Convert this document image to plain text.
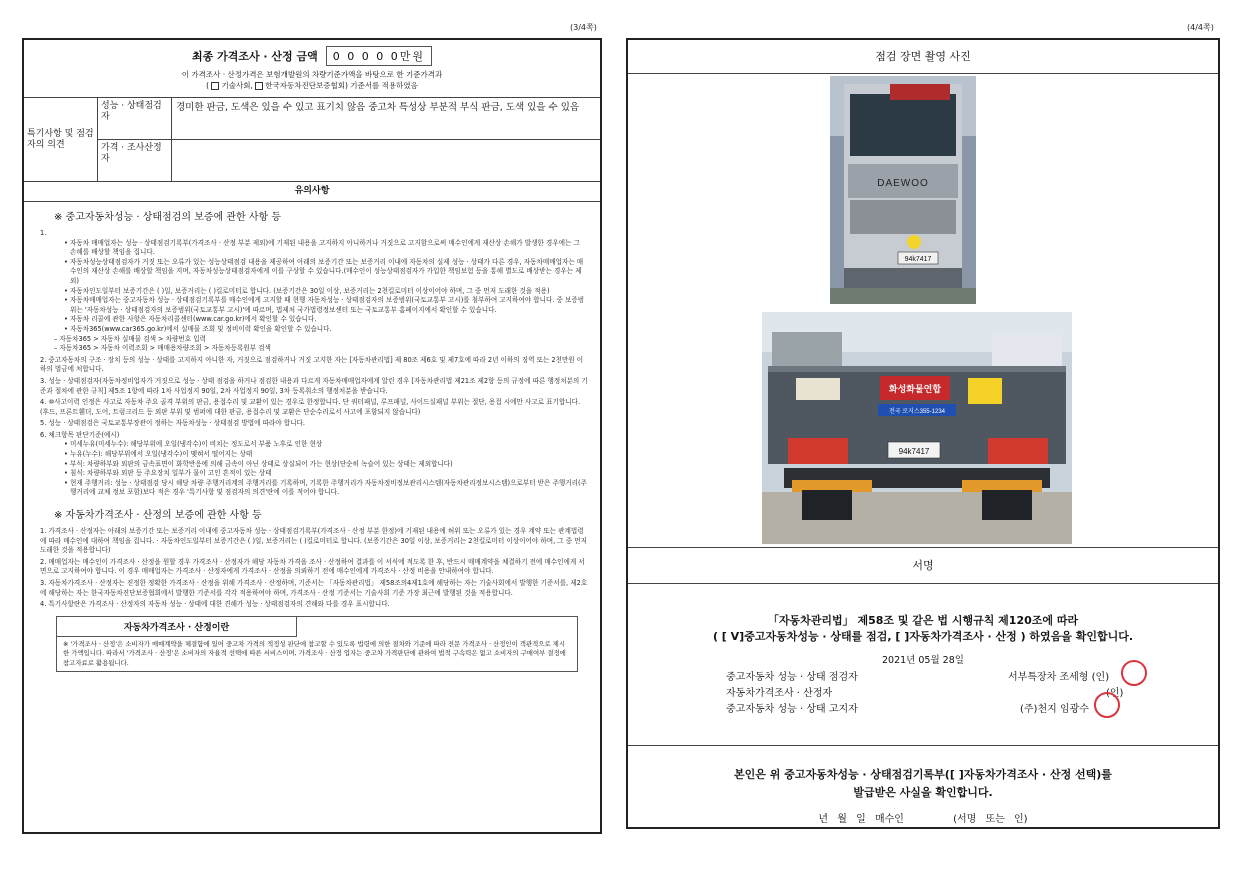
(3/4쪽)	(4/4쪽)
최종 가격조사 · 산정 금액	0 0 0 0 0만원
이 가격조사 · 산정가격은 보험개발원의 차량기준가액을 바탕으로 한 기준가격과
( 기술사회, 한국자동차진단보증협회) 기준서를 적용하였음
특기사항 및 점검자의 의견
성능 · 상태점검자
경미한 판금, 도색은 있을 수 있고 표기치 않음 중고차 특성상 부분적 부식 판금, 도색 있을 수 있음
가격 · 조사산정자
유의사항
※ 중고자동차성능 · 상태점검의 보증에 관한 사항 등
1.
• 자동차 매매업자는 성능 · 상태점검기록부(가격조사 · 산정 부분 제외)에 기재된 내용을 고지하지 아니하거나 거짓으로 고지함으로써 매수인에게 재산상 손해가 발생한 경우에는 그 손해를 배상할 책임을 집니다.
• 자동차성능상태점검자가 거짓 또는 오류가 있는 성능상태점검 내용을 제공하여 아래의 보증기간 또는 보증거리 이내에 자동차의 실제 성능 · 상태가 다른 경우, 자동차매매업자는 매수인의 재산상 손해를 배상할 책임을 지며, 자동차성능상태점검자에게 이를 구상할 수 있습니다.(매수인이 성능상태점검자가 가입한 책임보험 등을 통해 별도로 배상받는 경우는 제외)
• 자동차인도일부터 보증기간은 ( )일, 보증거리는 ( )킬로미터로 합니다. (보증기간은 30일 이상, 보증거리는 2천킬로미터 이상이어야 하며, 그 중 먼저 도래한 것을 적용)
• 자동차매매업자는 중고자동차 성능 · 상태점검기록부를 매수인에게 고지할 때 현행 자동차성능 · 상태점검자의 보증범위(국토교통부 고시)를 첨부하여 고지하여야 합니다. 중 보증범위는 '자동차성능 · 상태점검자의 보증범위(국토교통부 고시)'에 따르며, 법제처 국가법령정보센터 또는 국토교통부 홈페이지에서 확인할 수 있습니다.
• 자동차 리콜에 관한 사항은 자동차리콜센터(www.car.go.kr)에서 확인할 수 있습니다.
• 자동차365(www.car365.go.kr)에서 실매물 조회 및 정비이력 확인을 확인할 수 있습니다.
– 자동차365 > 자동차 실매물 검색 > 차량번호 입력
– 자동차365 > 자동차 이력조회 > 매매용차량조회 > 자동차등록원부 검색
2. 중고자동차의 구조 · 장치 등의 성능 · 상태를 고지하지 아니한 자, 거짓으로 점검하거나 거짓 고지한 자는 [자동차관리법] 제 80조 제6호 및 제7호에 따라 2년 이하의 징역 또는 2천만원 이하의 벌금에 처합니다.
3. 성능 · 상태점검자(자동차정비업자가 거짓으로 성능 · 상태 점검을 하거나 점검한 내용과 다르게 자동차매매업자에게 알린 경우 [자동차관리법 제21조 제2항 등의 규정에 따른 행정처분의 기준과 절차에 관한 규칙] 제5조 1항에 따라 1차 사업정지 90일, 2차 사업정지 90일, 3차 등록취소의 행정처분을 받습니다.
4. ⑩사고이력 인정은 사고로 자동차 주요 골격 부위의 판금, 용접수리 및 교환이 있는 경우로 한정합니다. 단 쿼터패널, 루프패널, 사이드실패널 부위는 절단, 용접 시에만 사고로 표기합니다. (후드, 프론트휀더, 도어, 트렁크리드 등 외판 부위 및 범퍼에 대한 판금, 용접수리 및 교환은 단순수리로서 사고에 포함되지 않습니다)
5. 성능 · 상태점검은 국토교통부장관이 정하는 자동차성능 · 상태점검 방법에 따라야 합니다.
6. 체크항목 판단기준(예시)
• 미세누유(미세누수): 해당부위에 오일(냉각수)이 비치는 정도로서 부품 노후로 인한 현상
• 누유(누수): 해당부위에서 오일(냉각수)이 맺혀서 떨어지는 상태
• 부식: 차량하부와 외판의 금속표면이 화학반응에 의해 금속이 아닌 상태로 상실되어 가는 현상(단순히 녹슬어 있는 상태는 제외합니다)
• 침식: 차량하부와 외판 등 주요장치 일부가 물이 고인 흔적이 있는 상태
• 현재 주행거리: 성능 · 상태점검 당시 해당 차량 주행거리계의 주행거리를 기록하며, 기록한 주행거리가 자동차정비정보관리시스템(자동차관리정보시스템)으로부터 받은 주행거리(주행거리에 교체 정보 포함)보다 적은 경우 '특기사항 및 점검자의 의견'란에 이를 적어야 합니다.
※ 자동차가격조사 · 산정의 보증에 관한 사항 등
1. 가격조사 · 산정자는 아래의 보증기간 또는 보증거리 이내에 중고자동차 성능 · 상태점검기록부(가격조사 · 산정 부분 한정)에 기재된 내용에 허위 또는 오류가 있는 경우 계약 또는 관계법령에 따라 매수인에 대하여 책임을 집니다. · 자동차인도일부터 보증기간은 ( )일, 보증거리는 ( )킬로미터로 합니다. (보증기간은 30일 이상, 보증거리는 2천킬로미터 이상이어야 하며, 그 중 먼저 도래한 것을 적용합니다)
2. 매매업자는 매수인이 가격조사 · 산정을 원할 경우 가격조사 · 산정자가 해당 자동차 가격을 조사 · 산정하여 결과를 이 서식에 적도록 한 후, 반드시 매매계약을 체결하기 전에 매수인에게 서면으로 고지하여야 합니다. 이 경우 매매업자는 가격조사 · 산정자에게 가격조사 · 산정을 의뢰하기 전에 매수인에게 가격조사 · 산정 비용을 안내하여야 합니다.
3. 자동차가격조사 · 산정자는 진정한 정확한 가격조사 · 산정을 위해 가격조사 · 산정하며, 기준서는 「자동차관리법」 제58조의4제1호에 해당하는 자는 기술사회에서 발행한 기준서를, 제2호에 해당하는 자는 한국자동차진단보증협회에서 발행한 기준서를 각각 적용하여야 하며, 가격조사 · 산정 기준서는 기술사회 기준 가장 최근에 발행된 것을 적용합니다.
4. 특기사항란은 가격조사 · 산정자의 자동차 성능 · 상태에 대한 견해가 성능 · 상태점검자의 견해와 다를 경우 표시합니다.
자동차가격조사 · 산정이란
※ '가격조사 · 산정'은 소비자가 매매계약을 체결함에 있어 중고차 가격의 적정성 판단에 참고할 수 있도록 법령에 의한 절차와 기준에 따라 전문 가격조사 · 산정인이 객관적으로 제시한 가액입니다. 따라서 '가격조사 · 산정'은 소비자의 자율적 선택에 따른 서비스이며, 가격조사 · 산정 업자는 중고차 가격판단에 관하여 법적 구속력은 없고 소비자의 구매여부 결정에 참고자료로 활용됩니다.
점검 장면 촬영 사진
DAEWOO
94k7417
화성화물연합
전국 로지스355-1234
94k7417
서명
「자동차관리법」 제58조 및 같은 법 시행규칙 제120조에 따라
( [ V]중고자동차성능 · 상태를 점검, [ ]자동차가격조사 · 산정 ) 하였음을 확인합니다.
2021년 05월 28일
중고자동차 성능 · 상태 점검자	서부특장차 조세형 (인)
자동차가격조사 · 산정자	(인)
중고자동차 성능 · 상태 고지자	(주)천지 임광수
본인은 위 중고자동차성능 · 상태점검기록부([ ]자동차가격조사 · 산정 선택)를
발급받은 사실을 확인합니다.
년 월 일 매수인	(서명 또는 인)
